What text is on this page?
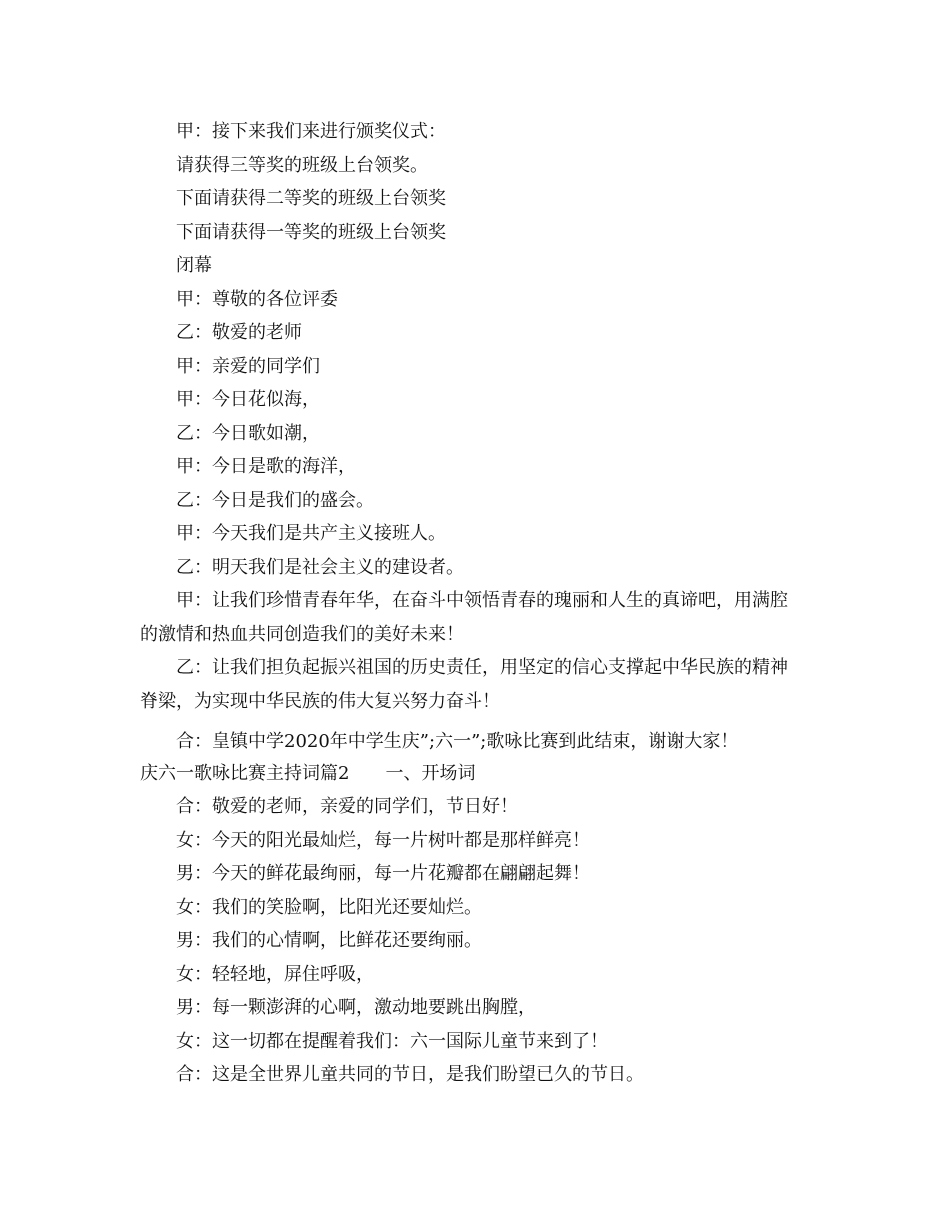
甲：接下来我们来进行颁奖仪式：
请获得三等奖的班级上台领奖。
下面请获得二等奖的班级上台领奖
下面请获得一等奖的班级上台领奖
闭幕
甲：尊敬的各位评委
乙：敬爱的老师
甲：亲爱的同学们
甲：今日花似海，
乙：今日歌如潮，
甲：今日是歌的海洋，
乙：今日是我们的盛会。
甲：今天我们是共产主义接班人。
乙：明天我们是社会主义的建设者。
甲：让我们珍惜青春年华，在奋斗中领悟青春的瑰丽和人生的真谛吧，用满腔
的激情和热血共同创造我们的美好未来！
乙：让我们担负起振兴祖国的历史责任，用坚定的信心支撑起中华民族的精神
脊梁，为实现中华民族的伟大复兴努力奋斗！
合：皇镇中学2020年中学生庆”;六一”;歌咏比赛到此结束，谢谢大家！
庆六一歌咏比赛主持词篇2　　一、开场词
合：敬爱的老师，亲爱的同学们，节日好！
女：今天的阳光最灿烂，每一片树叶都是那样鲜亮！
男：今天的鲜花最绚丽，每一片花瓣都在翩翩起舞！
女：我们的笑脸啊，比阳光还要灿烂。
男：我们的心情啊，比鲜花还要绚丽。
女：轻轻地，屏住呼吸，
男：每一颗澎湃的心啊，激动地要跳出胸膛，
女：这一切都在提醒着我们：六一国际儿童节来到了！
合：这是全世界儿童共同的节日，是我们盼望已久的节日。
